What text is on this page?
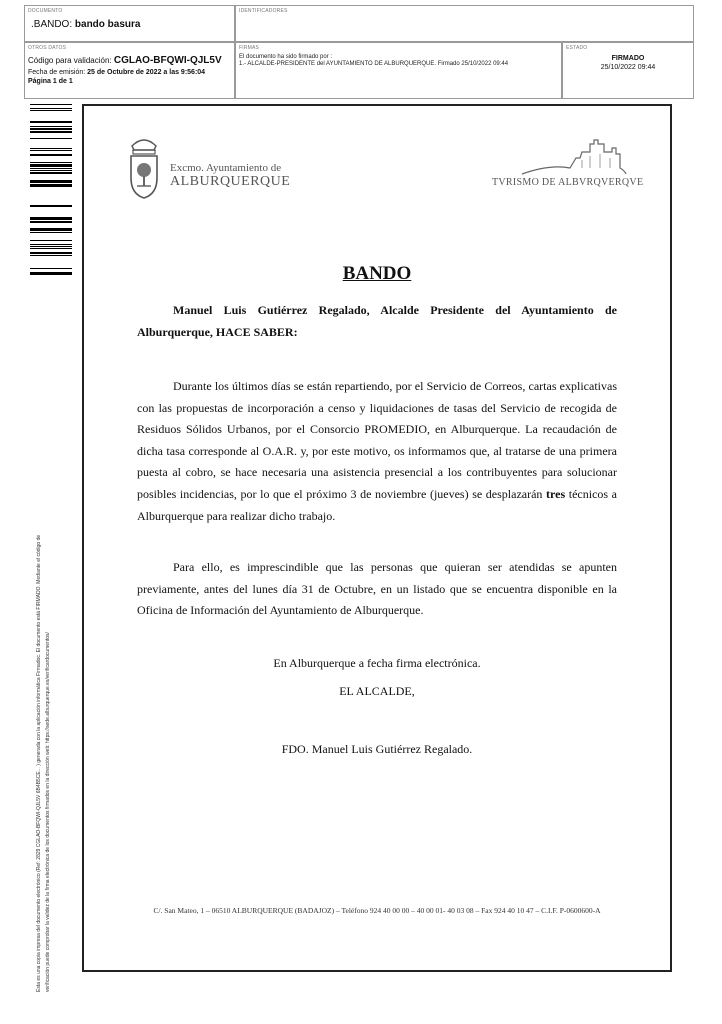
DOCUMENTO
.BANDO: bando basura
IDENTIFICADORES
OTROS DATOS
Código para validación: CGLAO-BFQWI-QJL5V
Fecha de emisión: 25 de Octubre de 2022 a las 9:56:04
Página 1 de 1
FIRMAS
El documento ha sido firmado por :
1.- ALCALDE-PRESIDENTE del AYUNTAMIENTO DE ALBURQUERQUE. Firmado 25/10/2022 09:44
ESTADO
FIRMADO
25/10/2022 09:44
Esta es una copia impresa del documento electrónico (Ref: 2829 CGLAO-BFQWI-QJL5V 6B4B5CE... ) generada con la aplicación informática Firmadoc. El documento está FIRMADO. Mediante el código de verificación puede comprobar la validez de la firma electrónica de los documentos firmados en la dirección web: https://sede.alburquerque.es/verificardocumentos/
Excmo. Ayuntamiento de
ALBURQUERQUE	TVRISMO DE ALBVRQVERQVE
BANDO
Manuel Luis Gutiérrez Regalado, Alcalde Presidente del Ayuntamiento de Alburquerque, HACE SABER:
Durante los últimos días se están repartiendo, por el Servicio de Correos, cartas explicativas con las propuestas de incorporación a censo y liquidaciones de tasas del Servicio de recogida de Residuos Sólidos Urbanos, por el Consorcio PROMEDIO, en Alburquerque. La recaudación de dicha tasa corresponde al O.A.R. y, por este motivo, os informamos que, al tratarse de una primera puesta al cobro, se hace necesaria una asistencia presencial a los contribuyentes para solucionar posibles incidencias, por lo que el próximo 3 de noviembre (jueves) se desplazarán tres técnicos a Alburquerque para realizar dicho trabajo.
Para ello, es imprescindible que las personas que quieran ser atendidas se apunten previamente, antes del lunes día 31 de Octubre, en un listado que se encuentra disponible en la Oficina de Información del Ayuntamiento de Alburquerque.
En Alburquerque a fecha firma electrónica.
EL ALCALDE,
FDO. Manuel Luis Gutiérrez Regalado.
C/. San Mateo, 1 – 06510 ALBURQUERQUE (BADAJOZ) – Teléfono 924 40 00 00 – 40 00 01- 40 03 08 – Fax 924 40 10 47 – C.I.F. P-0600600-A
